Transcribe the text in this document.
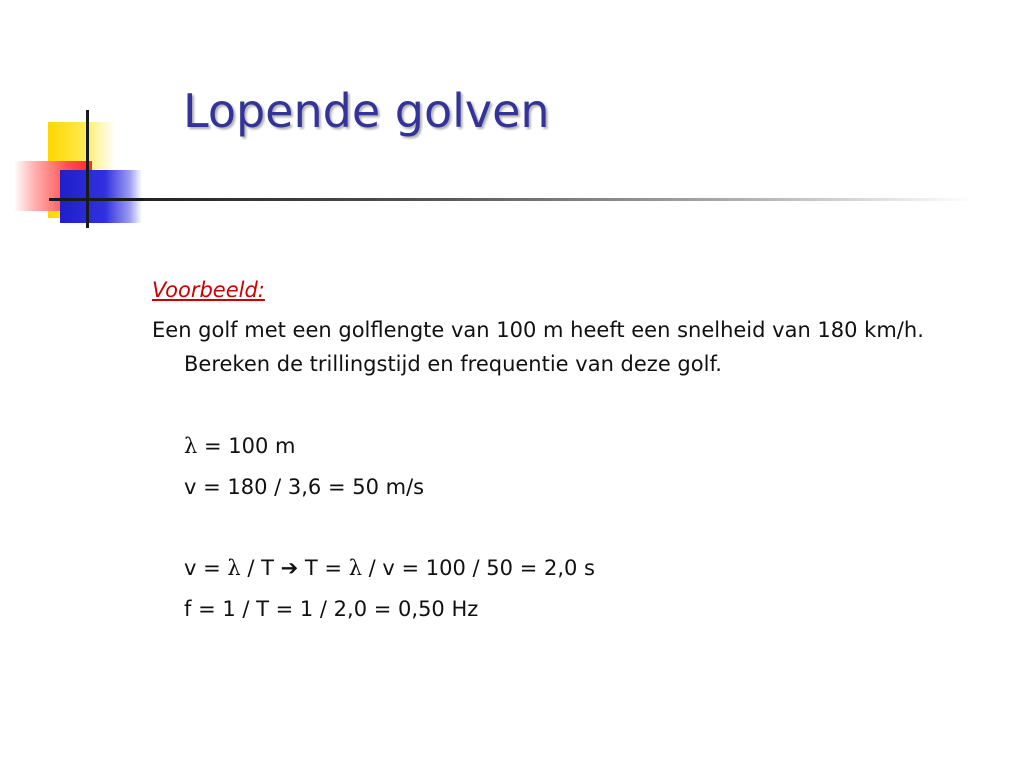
Lopende golven
Voorbeeld:
Een golf met een golflengte van 100 m heeft een snelheid van 180 km/h.
Bereken de trillingstijd en frequentie van deze golf.
λ = 100 m
v = 180 / 3,6 = 50 m/s
v = λ / T ➔ T = λ / v = 100 / 50 = 2,0 s
f = 1 / T = 1 / 2,0 = 0,50 Hz
